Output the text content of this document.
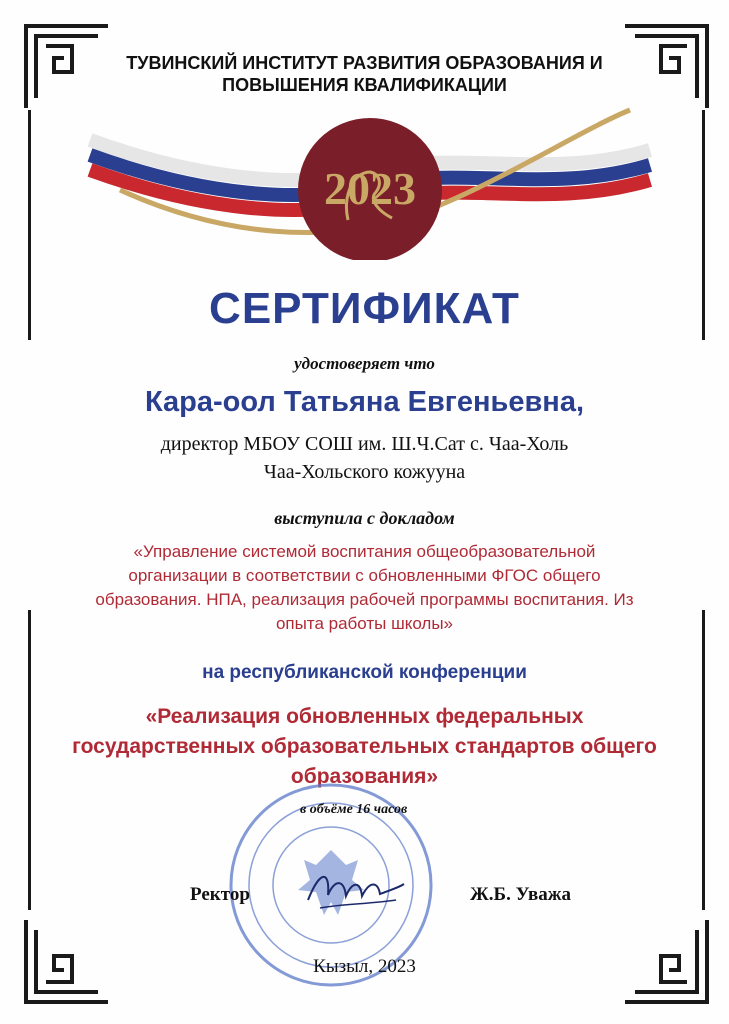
ТУВИНСКИЙ ИНСТИТУТ РАЗВИТИЯ ОБРАЗОВАНИЯ И
ПОВЫШЕНИЯ КВАЛИФИКАЦИИ
2023
СЕРТИФИКАТ
удостоверяет что
Кара-оол Татьяна Евгеньевна,
директор МБОУ СОШ им. Ш.Ч.Сат с. Чаа-Холь
Чаа-Хольского кожууна
выступила с докладом
«Управление системой воспитания общеобразовательной
организации в соответствии с обновленными ФГОС общего
образования. НПА, реализация рабочей программы воспитания. Из
опыта работы школы»
на республиканской конференции
«Реализация обновленных федеральных
государственных образовательных стандартов общего
образования»
в объёме 16 часов
Ректор	Ж.Б. Уважа
Кызыл, 2023
